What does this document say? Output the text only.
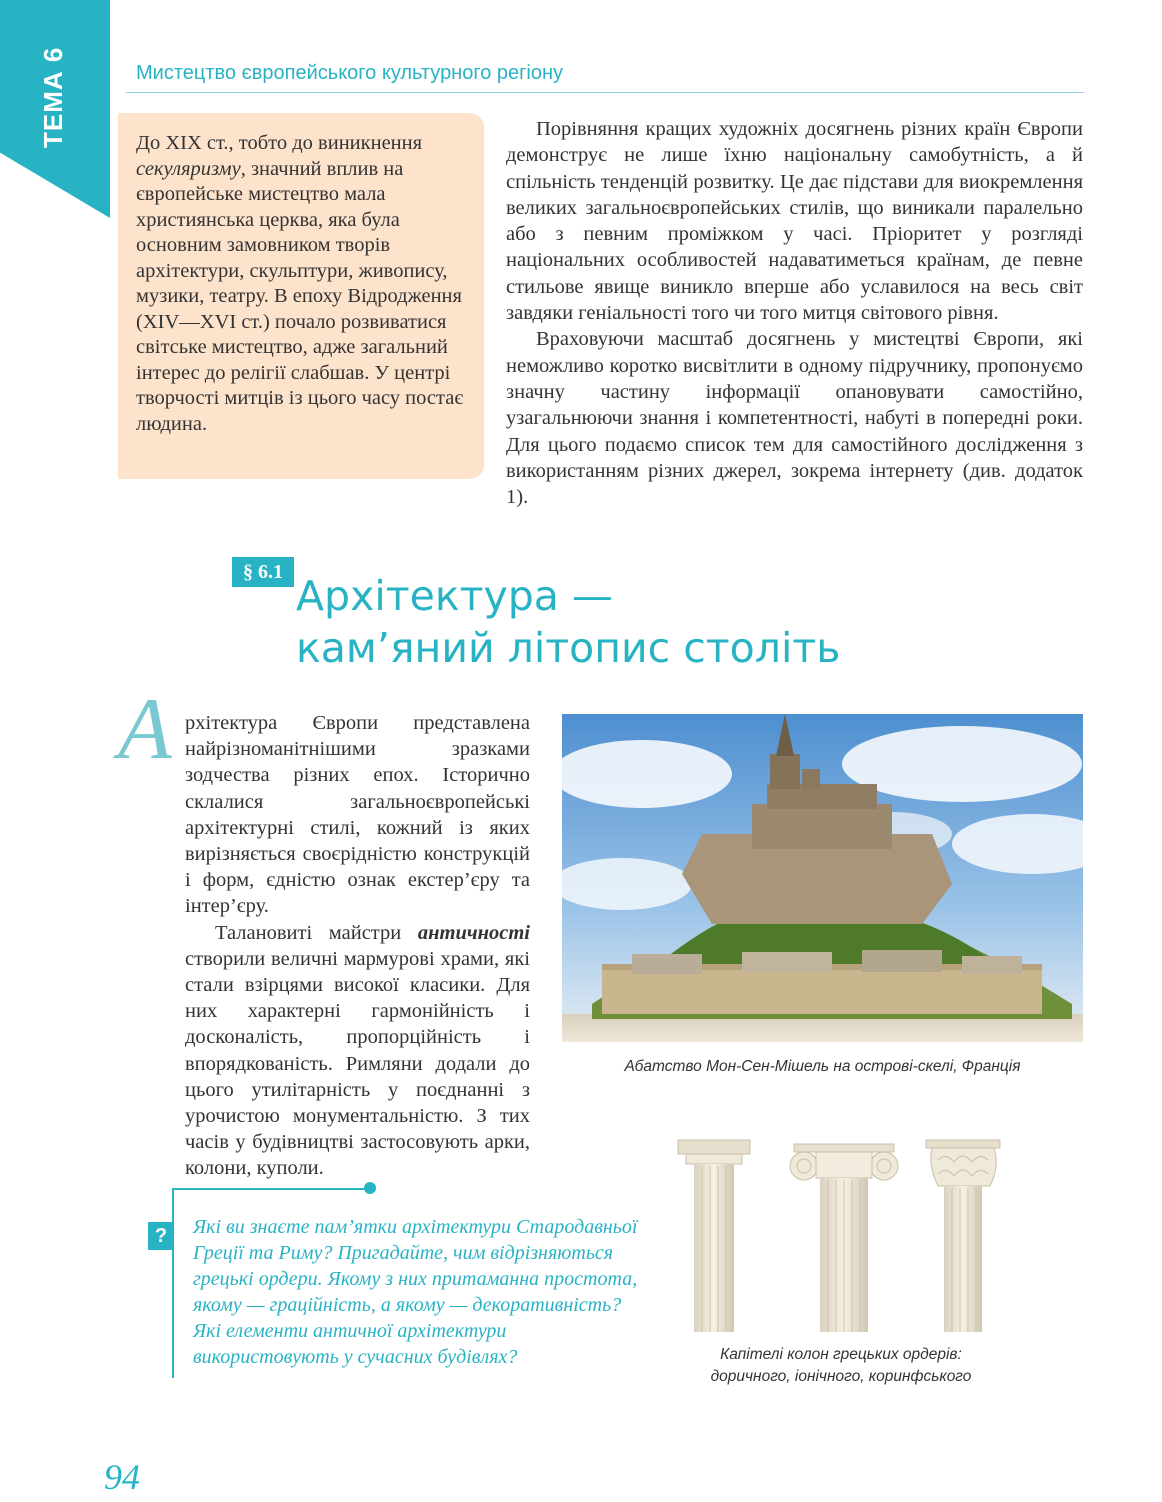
ТЕМА 6	Мистецтво європейського культурного регіону
До XIX ст., тобто до виникнення секуляризму, значний вплив на європейське мистецтво мала християнська церква, яка була основним замовником творів архітектури, скульптури, живопису, музики, театру. В епоху Відродження (XIV—XVI ст.) почало розвиватися світське мистецтво, адже загальний інтерес до релігії слабшав. У центрі творчості митців із цього часу постає людина.

Порівняння кращих художніх досягнень різних країн Європи демонструє не лише їхню національну самобутність, а й спільність тенденцій розвитку. Це дає підстави для виокремлення великих загальноєвропейських стилів, що виникали паралельно або з певним проміжком у часі. Пріоритет у розгляді національних особливостей надаватиметься країнам, де певне стильове явище виникло вперше або уславилося на весь світ завдяки геніальності того чи того митця світового рівня.

Враховуючи масштаб досягнень у мистецтві Європи, які неможливо коротко висвітлити в одному підручнику, пропонуємо значну частину інформації опановувати самостійно, узагальнюючи знання і компетентності, набуті в попередні роки. Для цього подаємо список тем для самостійного дослідження з використанням різних джерел, зокрема інтернету (див. додаток 1).

§ 6.1 Архітектура —
кам’яний літопис століть
А рхітектура Європи представлена найрізноманітнішими зразками зодчества різних епох. Історично склалися загальноєвропейські архітектурні стилі, кожний із яких вирізняється своєрідністю конструкцій і форм, єдністю ознак екстер’єру та інтер’єру.

Талановиті майстри античності створили величні мармурові храми, які стали взірцями високої класики. Для них характерні гармонійність і досконалість, пропорційність і впорядкованість. Римляни додали до цього утилітарність у поєднанні з урочистою монументальністю. З тих часів у будівництві застосовують арки, колони, куполи.

Абатство Мон-Сен-Мішель на острові-скелі, Франція
?	Які ви знаєте пам’ятки архітектури Стародавньої Греції та Риму? Пригадайте, чим відрізняються грецькі ордери. Якому з них притаманна простота, якому — грацiйність, а якому — декоративність? Які елементи античної архітектури використовують у сучасних будівлях?	Капітелі колон грецьких ордерів:
доричного, іонічного, коринфського
94
